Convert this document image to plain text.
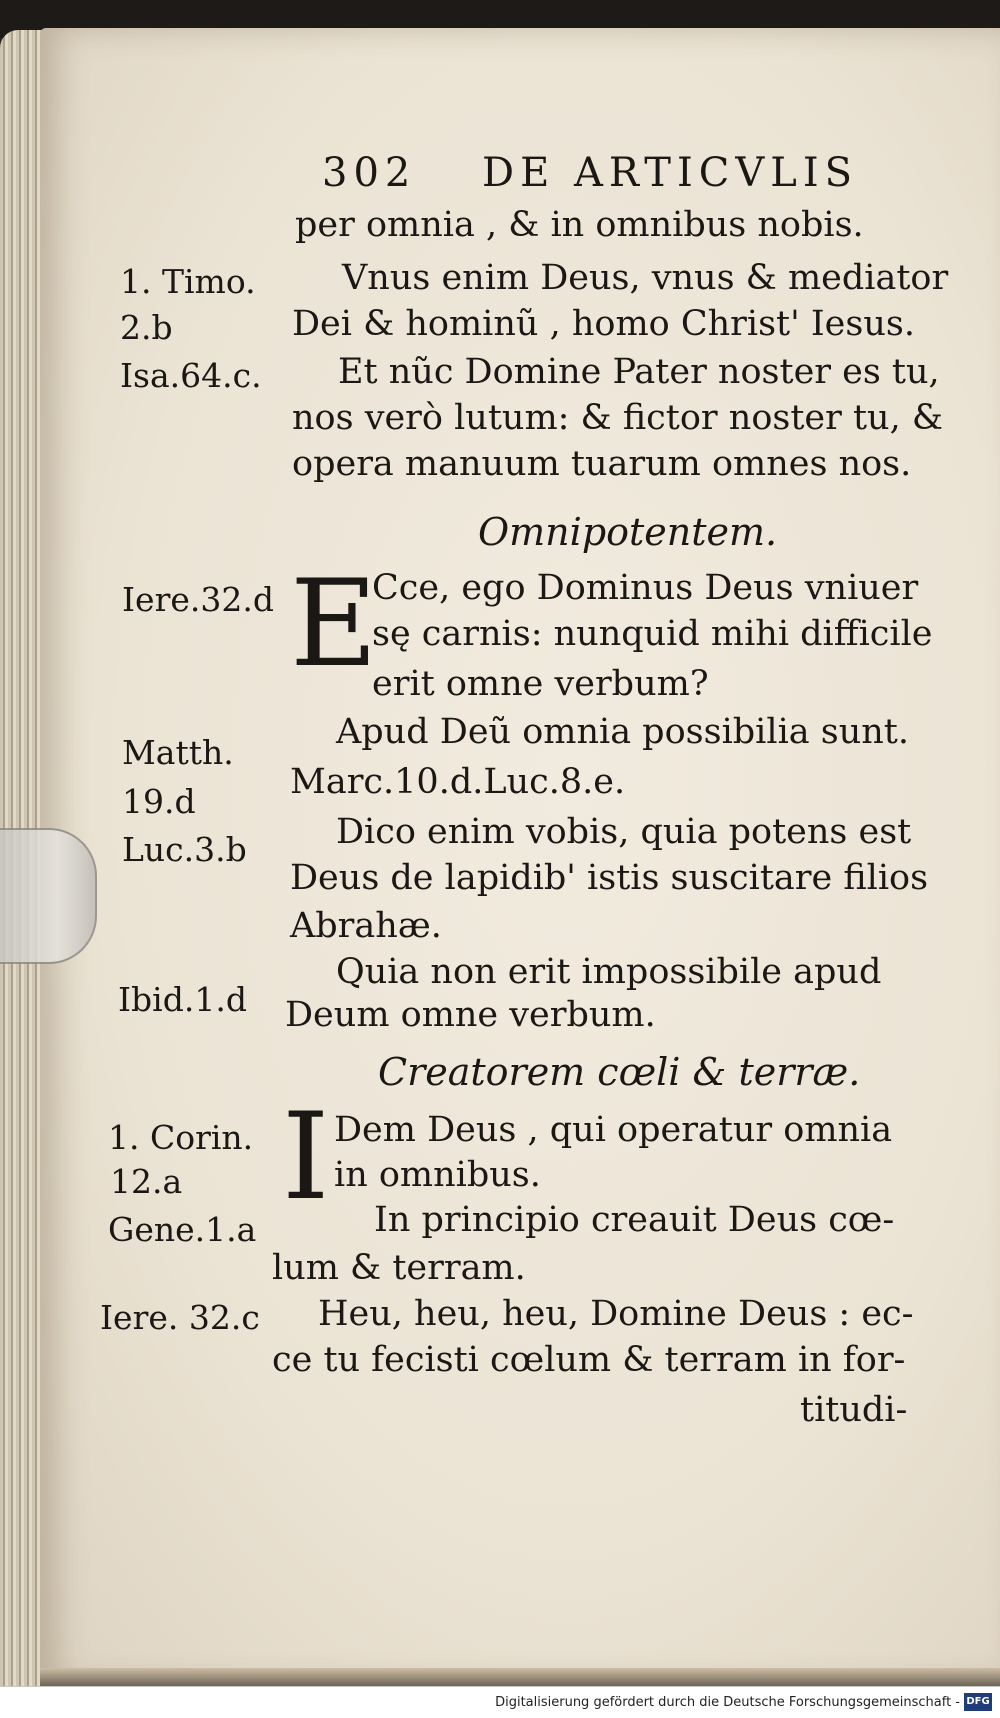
302 DE ARTICVLIS
per omnia , & in omnibus nobis.
1. Timo. Vnus enim Deus, vnus & mediator
2.b	Dei & hominũ , homo Christ' Iesus.
Isa.64.c. Et nũc Domine Pater noster es tu,
nos verò lutum: & fictor noster tu, &
opera manuum tuarum omnes nos.
Omnipotentem.
Iere.32.d E
Cce, ego Dominus Deus vniuer
sę carnis: nunquid mihi difficile
erit omne verbum?
Apud Deũ omnia possibilia sunt.
Matth.
Marc.10.d.Luc.8.e.
19.d
Dico enim vobis, quia potens est
Luc.3.b
Deus de lapidib' istis suscitare filios
Abrahæ.
Quia non erit impossibile apud
Ibid.1.d Deum omne verbum.
Creatorem cœli & terræ.
1. Corin. I Dem Deus , qui operatur omnia
12.a	in omnibus.
Gene.1.a	In principio creauit Deus cœ-
lum & terram.
Iere. 32.c Heu, heu, heu, Domine Deus : ec-
ce tu fecisti cœlum & terram in for-
titudi-
Digitalisierung gefördert durch die Deutsche Forschungsgemeinschaft - DFG
